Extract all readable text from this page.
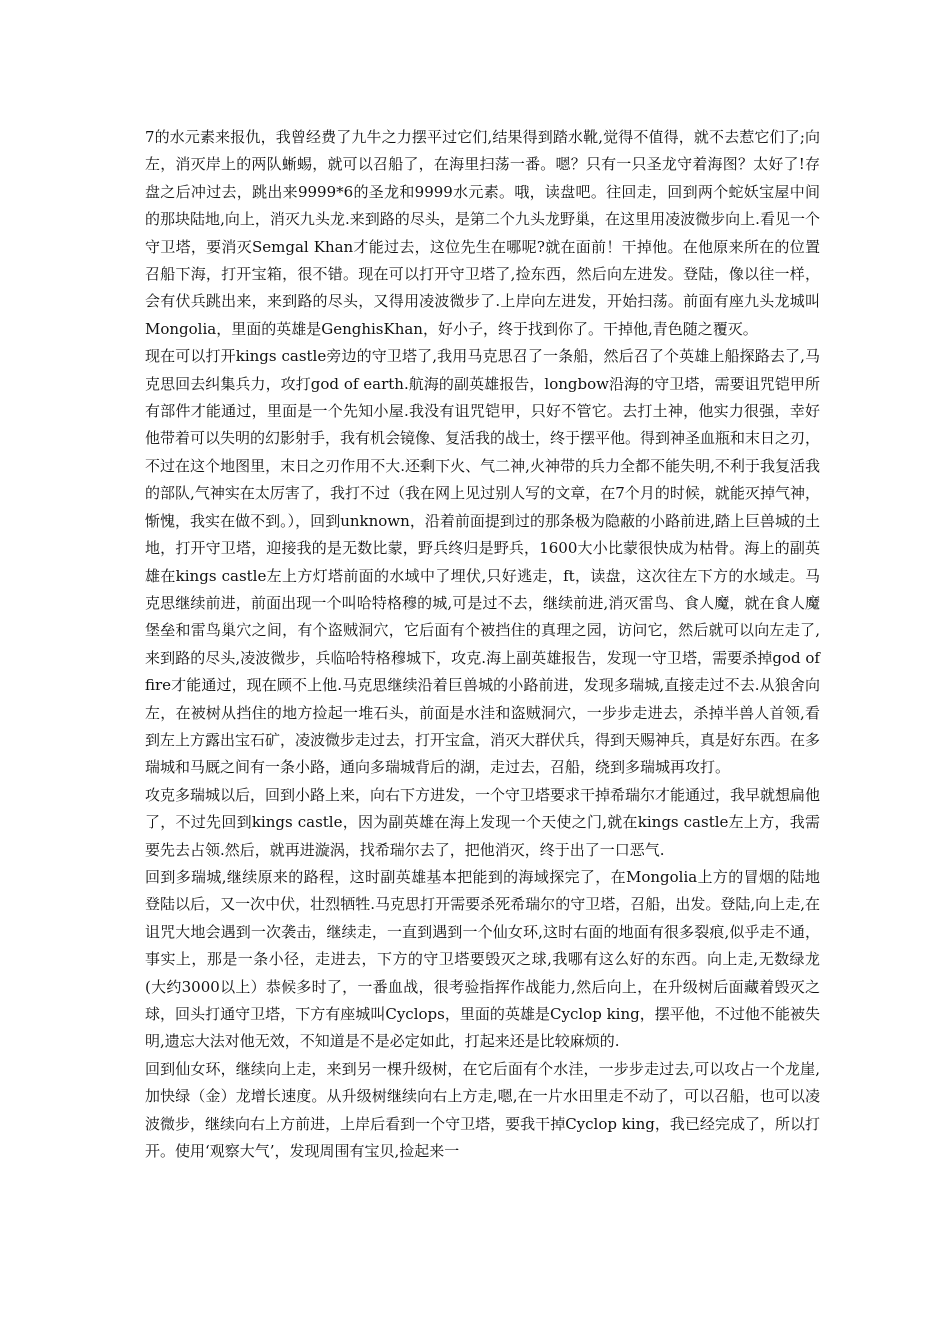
7的水元素来报仇，我曾经费了九牛之力摆平过它们,结果得到踏水靴,觉得不值得，就不去惹它们了;向左，消灭岸上的两队蜥蜴，就可以召船了，在海里扫荡一番。嗯？只有一只圣龙守着海图？太好了!存盘之后冲过去，跳出来9999*6的圣龙和9999水元素。哦，读盘吧。往回走，回到两个蛇妖宝屋中间的那块陆地,向上，消灭九头龙.来到路的尽头，是第二个九头龙野巢，在这里用凌波微步向上.看见一个守卫塔，要消灭Semgal Khan才能过去，这位先生在哪呢?就在面前！干掉他。在他原来所在的位置召船下海，打开宝箱，很不错。现在可以打开守卫塔了,捡东西，然后向左进发。登陆，像以往一样，会有伏兵跳出来，来到路的尽头，又得用凌波微步了.上岸向左进发，开始扫荡。前面有座九头龙城叫Mongolia，里面的英雄是GenghisKhan，好小子，终于找到你了。干掉他,青色随之覆灭。

现在可以打开kings castle旁边的守卫塔了,我用马克思召了一条船，然后召了个英雄上船探路去了,马克思回去纠集兵力，攻打god of earth.航海的副英雄报告，longbow沿海的守卫塔，需要诅咒铠甲所有部件才能通过，里面是一个先知小屋.我没有诅咒铠甲，只好不管它。去打土神，他实力很强，幸好他带着可以失明的幻影射手，我有机会镜像、复活我的战士，终于摆平他。得到神圣血瓶和末日之刃，不过在这个地图里，末日之刃作用不大.还剩下火、气二神,火神带的兵力全都不能失明,不利于我复活我的部队,气神实在太厉害了，我打不过（我在网上见过别人写的文章，在7个月的时候，就能灭掉气神，惭愧，我实在做不到。），回到unknown，沿着前面提到过的那条极为隐蔽的小路前进,踏上巨兽城的土地，打开守卫塔，迎接我的是无数比蒙，野兵终归是野兵，1600大小比蒙很快成为枯骨。海上的副英雄在kings castle左上方灯塔前面的水域中了埋伏,只好逃走，ft，读盘，这次往左下方的水域走。马克思继续前进，前面出现一个叫哈特格穆的城,可是过不去，继续前进,消灭雷鸟、食人魔，就在食人魔堡垒和雷鸟巢穴之间，有个盗贼洞穴，它后面有个被挡住的真理之园，访问它，然后就可以向左走了,来到路的尽头,凌波微步，兵临哈特格穆城下，攻克.海上副英雄报告，发现一守卫塔，需要杀掉god of fire才能通过，现在顾不上他.马克思继续沿着巨兽城的小路前进，发现多瑞城,直接走过不去.从狼舍向左，在被树从挡住的地方捡起一堆石头，前面是水洼和盗贼洞穴，一步步走进去，杀掉半兽人首领,看到左上方露出宝石矿，凌波微步走过去，打开宝盒，消灭大群伏兵，得到天赐神兵，真是好东西。在多瑞城和马厩之间有一条小路，通向多瑞城背后的湖，走过去，召船，绕到多瑞城再攻打。

攻克多瑞城以后，回到小路上来，向右下方进发，一个守卫塔要求干掉希瑞尔才能通过，我早就想扁他了，不过先回到kings castle，因为副英雄在海上发现一个天使之门,就在kings castle左上方，我需要先去占领.然后，就再进漩涡，找希瑞尔去了，把他消灭，终于出了一口恶气.

回到多瑞城,继续原来的路程，这时副英雄基本把能到的海域探完了，在Mongolia上方的冒烟的陆地登陆以后，又一次中伏，壮烈牺牲.马克思打开需要杀死希瑞尔的守卫塔，召船，出发。登陆,向上走,在诅咒大地会遇到一次袭击，继续走，一直到遇到一个仙女环,这时右面的地面有很多裂痕,似乎走不通，事实上，那是一条小径，走进去，下方的守卫塔要毁灭之球,我哪有这么好的东西。向上走,无数绿龙(大约3000以上）恭候多时了，一番血战，很考验指挥作战能力,然后向上，在升级树后面藏着毁灭之球，回头打通守卫塔，下方有座城叫Cyclops，里面的英雄是Cyclop king，摆平他，不过他不能被失明,遗忘大法对他无效，不知道是不是必定如此，打起来还是比较麻烦的.

回到仙女环，继续向上走，来到另一棵升级树，在它后面有个水洼，一步步走过去,可以攻占一个龙崖,加快绿（金）龙增长速度。从升级树继续向右上方走,嗯,在一片水田里走不动了，可以召船，也可以凌波微步，继续向右上方前进，上岸后看到一个守卫塔，要我干掉Cyclop king，我已经完成了，所以打开。使用‘观察大气’，发现周围有宝贝,捡起来一
